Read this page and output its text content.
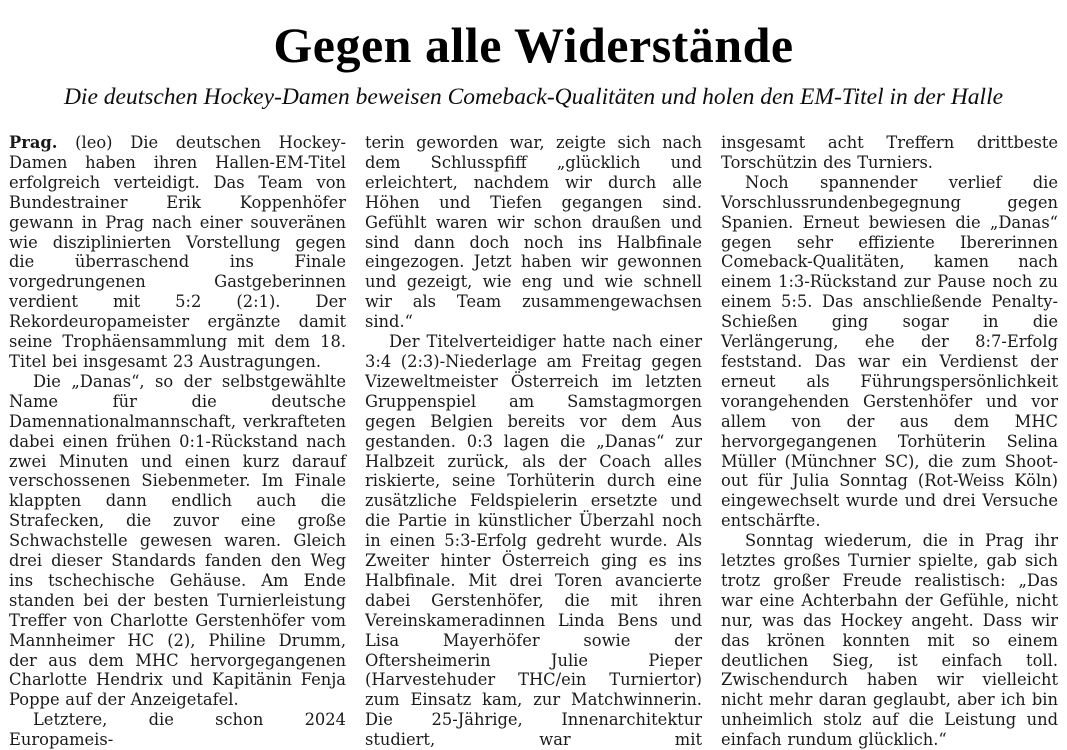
Gegen alle Widerstände
Die deutschen Hockey-Damen beweisen Comeback-Qualitäten und holen den EM-Titel in der Halle

Prag. (leo) Die deutschen Hockey-Damen haben ihren Hallen-EM-Titel erfolgreich verteidigt. Das Team von Bundestrainer Erik Koppenhöfer gewann in Prag nach einer souveränen wie disziplinierten Vorstellung gegen die überraschend ins Finale vorgedrungenen Gastgeberinnen verdient mit 5:2 (2:1). Der Rekordeuropameister ergänzte damit seine Trophäensammlung mit dem 18. Titel bei insgesamt 23 Austragungen.

Die „Danas“, so der selbstgewählte Name für die deutsche Damennationalmannschaft, verkrafteten dabei einen frühen 0:1-Rückstand nach zwei Minuten und einen kurz darauf verschossenen Siebenmeter. Im Finale klappten dann endlich auch die Strafecken, die zuvor eine große Schwachstelle gewesen waren. Gleich drei dieser Standards fanden den Weg ins tschechische Gehäuse. Am Ende standen bei der besten Turnierleistung Treffer von Charlotte Gerstenhöfer vom Mannheimer HC (2), Philine Drumm, der aus dem MHC hervorgegangenen Charlotte Hendrix und Kapitänin Fenja Poppe auf der Anzeigetafel.

Letztere, die schon 2024 Europameis-

terin geworden war, zeigte sich nach dem Schlusspfiff „glücklich und erleichtert, nachdem wir durch alle Höhen und Tiefen gegangen sind. Gefühlt waren wir schon draußen und sind dann doch noch ins Halbfinale eingezogen. Jetzt haben wir gewonnen und gezeigt, wie eng und wie schnell wir als Team zusammengewachsen sind.“

Der Titelverteidiger hatte nach einer 3:4 (2:3)-Niederlage am Freitag gegen Vizeweltmeister Österreich im letzten Gruppenspiel am Samstagmorgen gegen Belgien bereits vor dem Aus gestanden. 0:3 lagen die „Danas“ zur Halbzeit zurück, als der Coach alles riskierte, seine Torhüterin durch eine zusätzliche Feldspielerin ersetzte und die Partie in künstlicher Überzahl noch in einen 5:3-Erfolg gedreht wurde. Als Zweiter hinter Österreich ging es ins Halbfinale. Mit drei Toren avancierte dabei Gerstenhöfer, die mit ihren Vereinskameradinnen Linda Bens und Lisa Mayerhöfer sowie der Oftersheimerin Julie Pieper (Harvestehuder THC/ein Turniertor) zum Einsatz kam, zur Matchwinnerin. Die 25-Jährige, Innenarchitektur studiert, war mit

insgesamt acht Treffern drittbeste Torschützin des Turniers.

Noch spannender verlief die Vorschlussrundenbegegnung gegen Spanien. Erneut bewiesen die „Danas“ gegen sehr effiziente Ibererinnen Comeback-Qualitäten, kamen nach einem 1:3-Rückstand zur Pause noch zu einem 5:5. Das anschließende Penalty-Schießen ging sogar in die Verlängerung, ehe der 8:7-Erfolg feststand. Das war ein Verdienst der erneut als Führungspersönlichkeit vorangehenden Gerstenhöfer und vor allem von der aus dem MHC hervorgegangenen Torhüterin Selina Müller (Münchner SC), die zum Shoot-out für Julia Sonntag (Rot-Weiss Köln) eingewechselt wurde und drei Versuche entschärfte.

Sonntag wiederum, die in Prag ihr letztes großes Turnier spielte, gab sich trotz großer Freude realistisch: „Das war eine Achterbahn der Gefühle, nicht nur, was das Hockey angeht. Dass wir das krönen konnten mit so einem deutlichen Sieg, ist einfach toll. Zwischendurch haben wir vielleicht nicht mehr daran geglaubt, aber ich bin unheimlich stolz auf die Leistung und einfach rundum glücklich.“
